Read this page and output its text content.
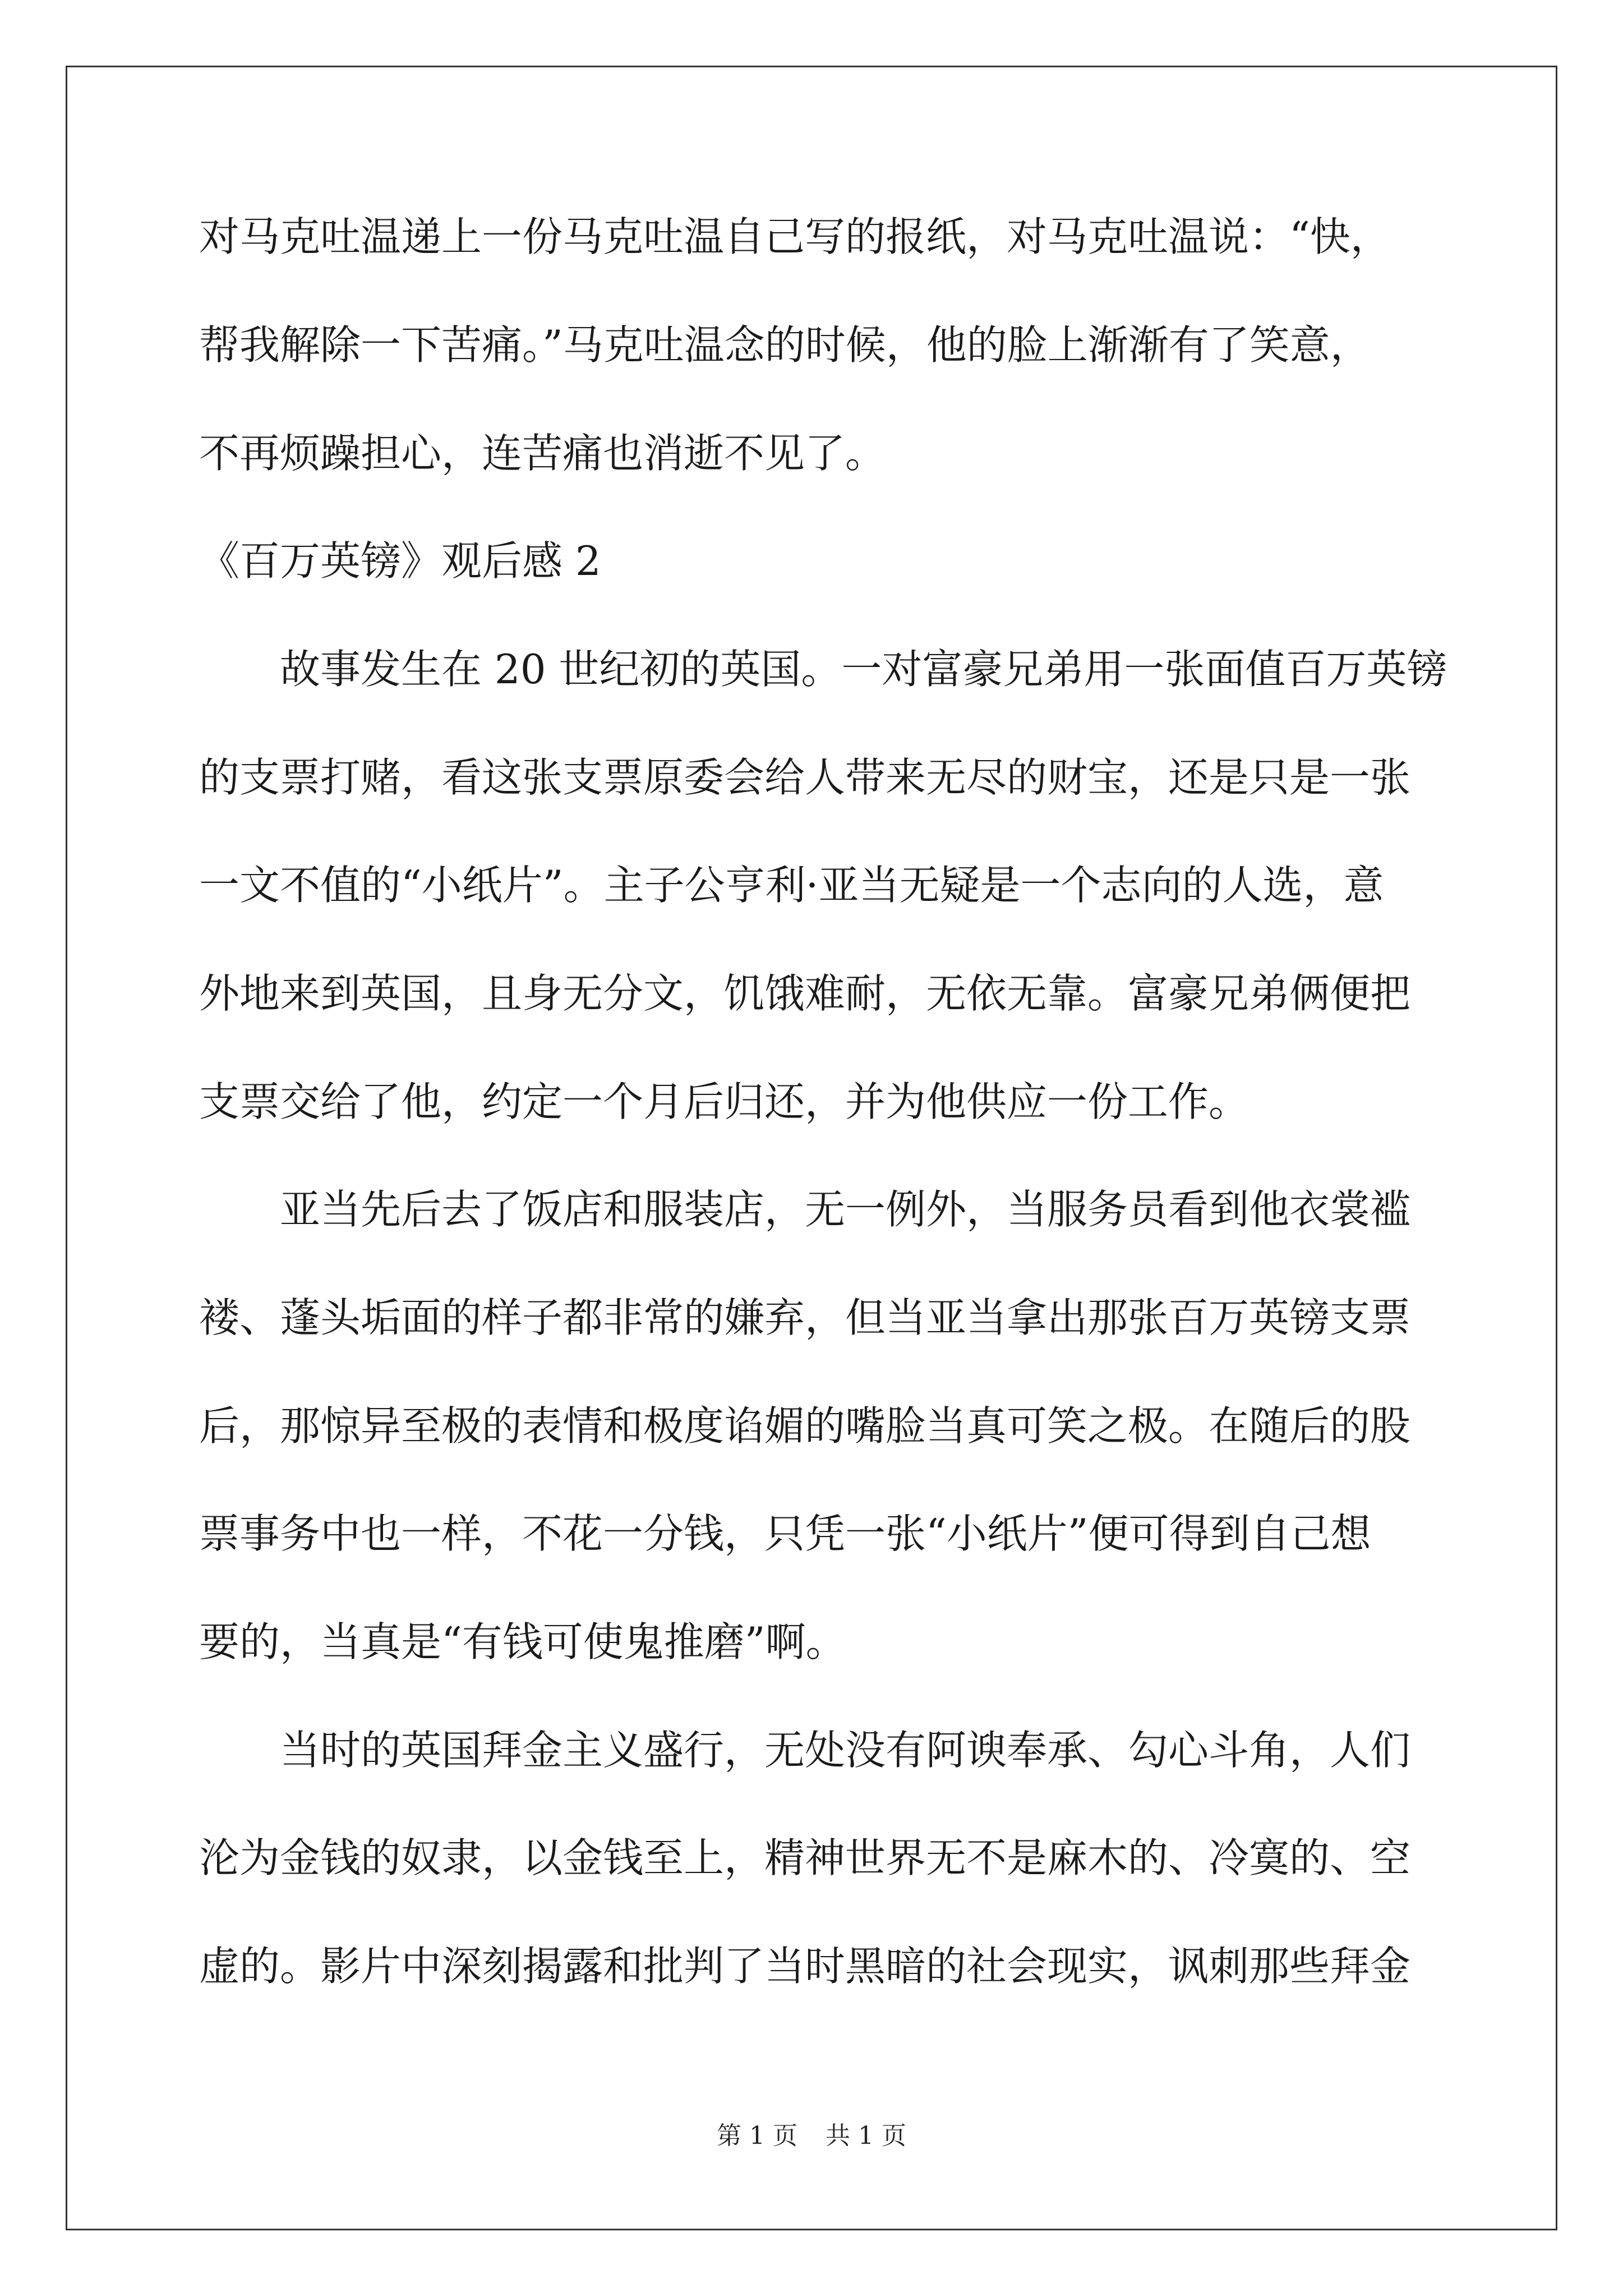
对马克吐温递上一份马克吐温自己写的报纸，对马克吐温说：“快，
帮我解除一下苦痛。”马克吐温念的时候，他的脸上渐渐有了笑意，
不再烦躁担心，连苦痛也消逝不见了。
《百万英镑》观后感 2
　　故事发生在 20 世纪初的英国。一对富豪兄弟用一张面值百万英镑
的支票打赌，看这张支票原委会给人带来无尽的财宝，还是只是一张
一文不值的“小纸片”。主子公亨利·亚当无疑是一个志向的人选，意
外地来到英国，且身无分文，饥饿难耐，无依无靠。富豪兄弟俩便把
支票交给了他，约定一个月后归还，并为他供应一份工作。
　　亚当先后去了饭店和服装店，无一例外，当服务员看到他衣裳褴
褛、蓬头垢面的样子都非常的嫌弃，但当亚当拿出那张百万英镑支票
后，那惊异至极的表情和极度谄媚的嘴脸当真可笑之极。在随后的股
票事务中也一样，不花一分钱，只凭一张“小纸片”便可得到自己想
要的，当真是“有钱可使鬼推磨”啊。
　　当时的英国拜金主义盛行，无处没有阿谀奉承、勾心斗角，人们
沦为金钱的奴隶，以金钱至上，精神世界无不是麻木的、冷寞的、空
虚的。影片中深刻揭露和批判了当时黑暗的社会现实，讽刺那些拜金
第 1 页 共 1 页
